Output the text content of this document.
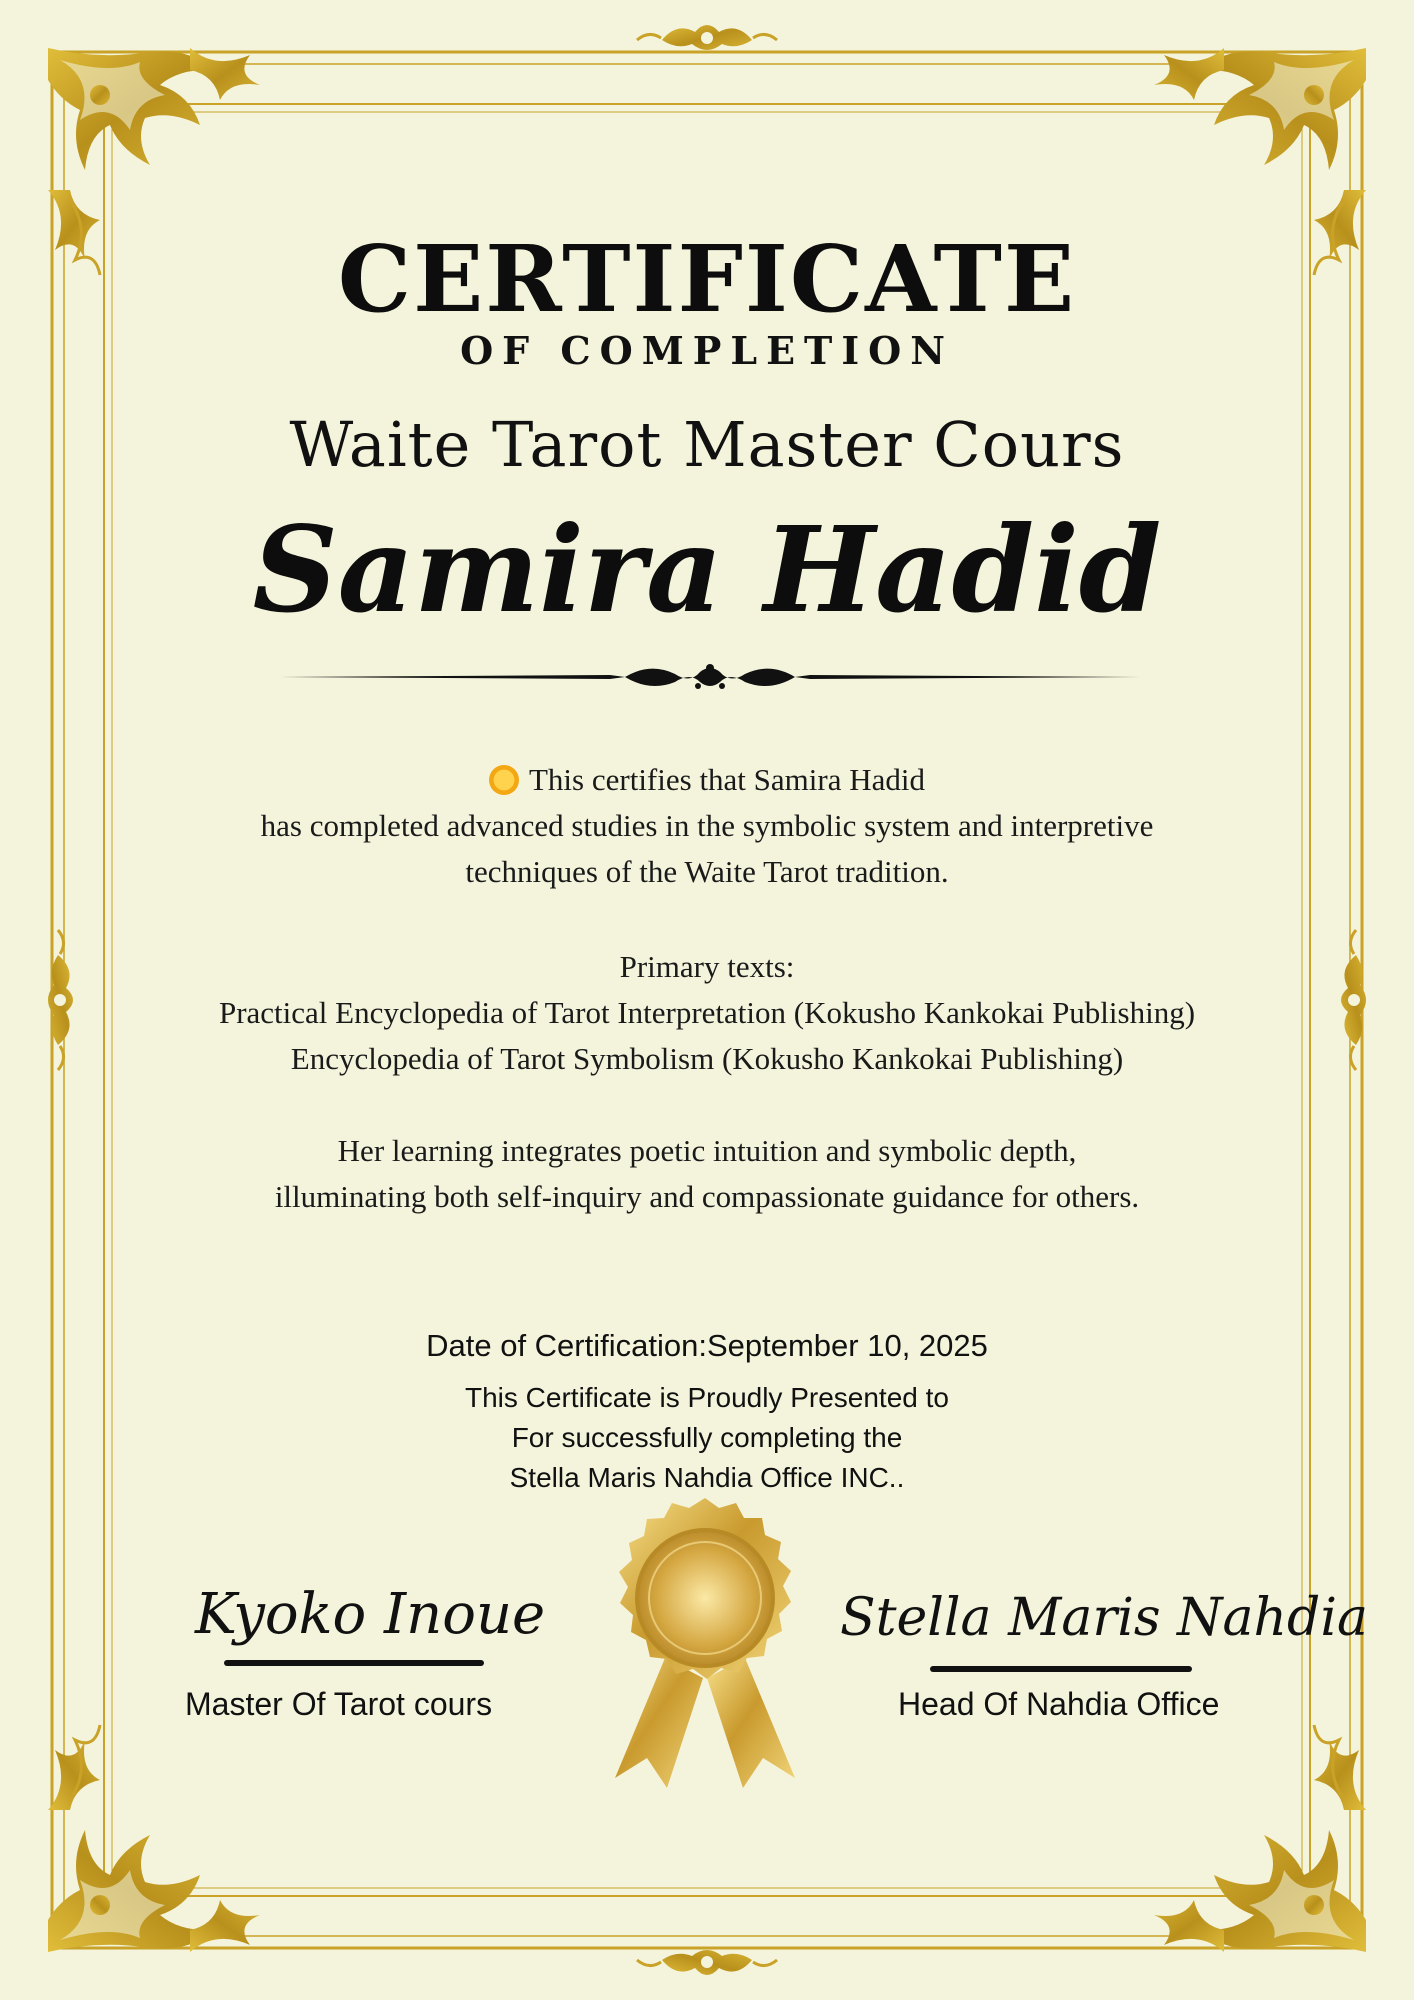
CERTIFICATE
OF COMPLETION
Waite Tarot Master Cours
Samira Hadid
This certifies that Samira Hadid
has completed advanced studies in the symbolic system and interpretive
techniques of the Waite Tarot tradition.
Primary texts:
Practical Encyclopedia of Tarot Interpretation (Kokusho Kankokai Publishing)
Encyclopedia of Tarot Symbolism (Kokusho Kankokai Publishing)
Her learning integrates poetic intuition and symbolic depth,
illuminating both self-inquiry and compassionate guidance for others.
Date of Certification:September 10, 2025
This Certificate is Proudly Presented to
For successfully completing the
Stella Maris Nahdia Office INC..
Kyoko Inoue
Master Of Tarot cours
Stella Maris Nahdia
Head Of Nahdia Office
